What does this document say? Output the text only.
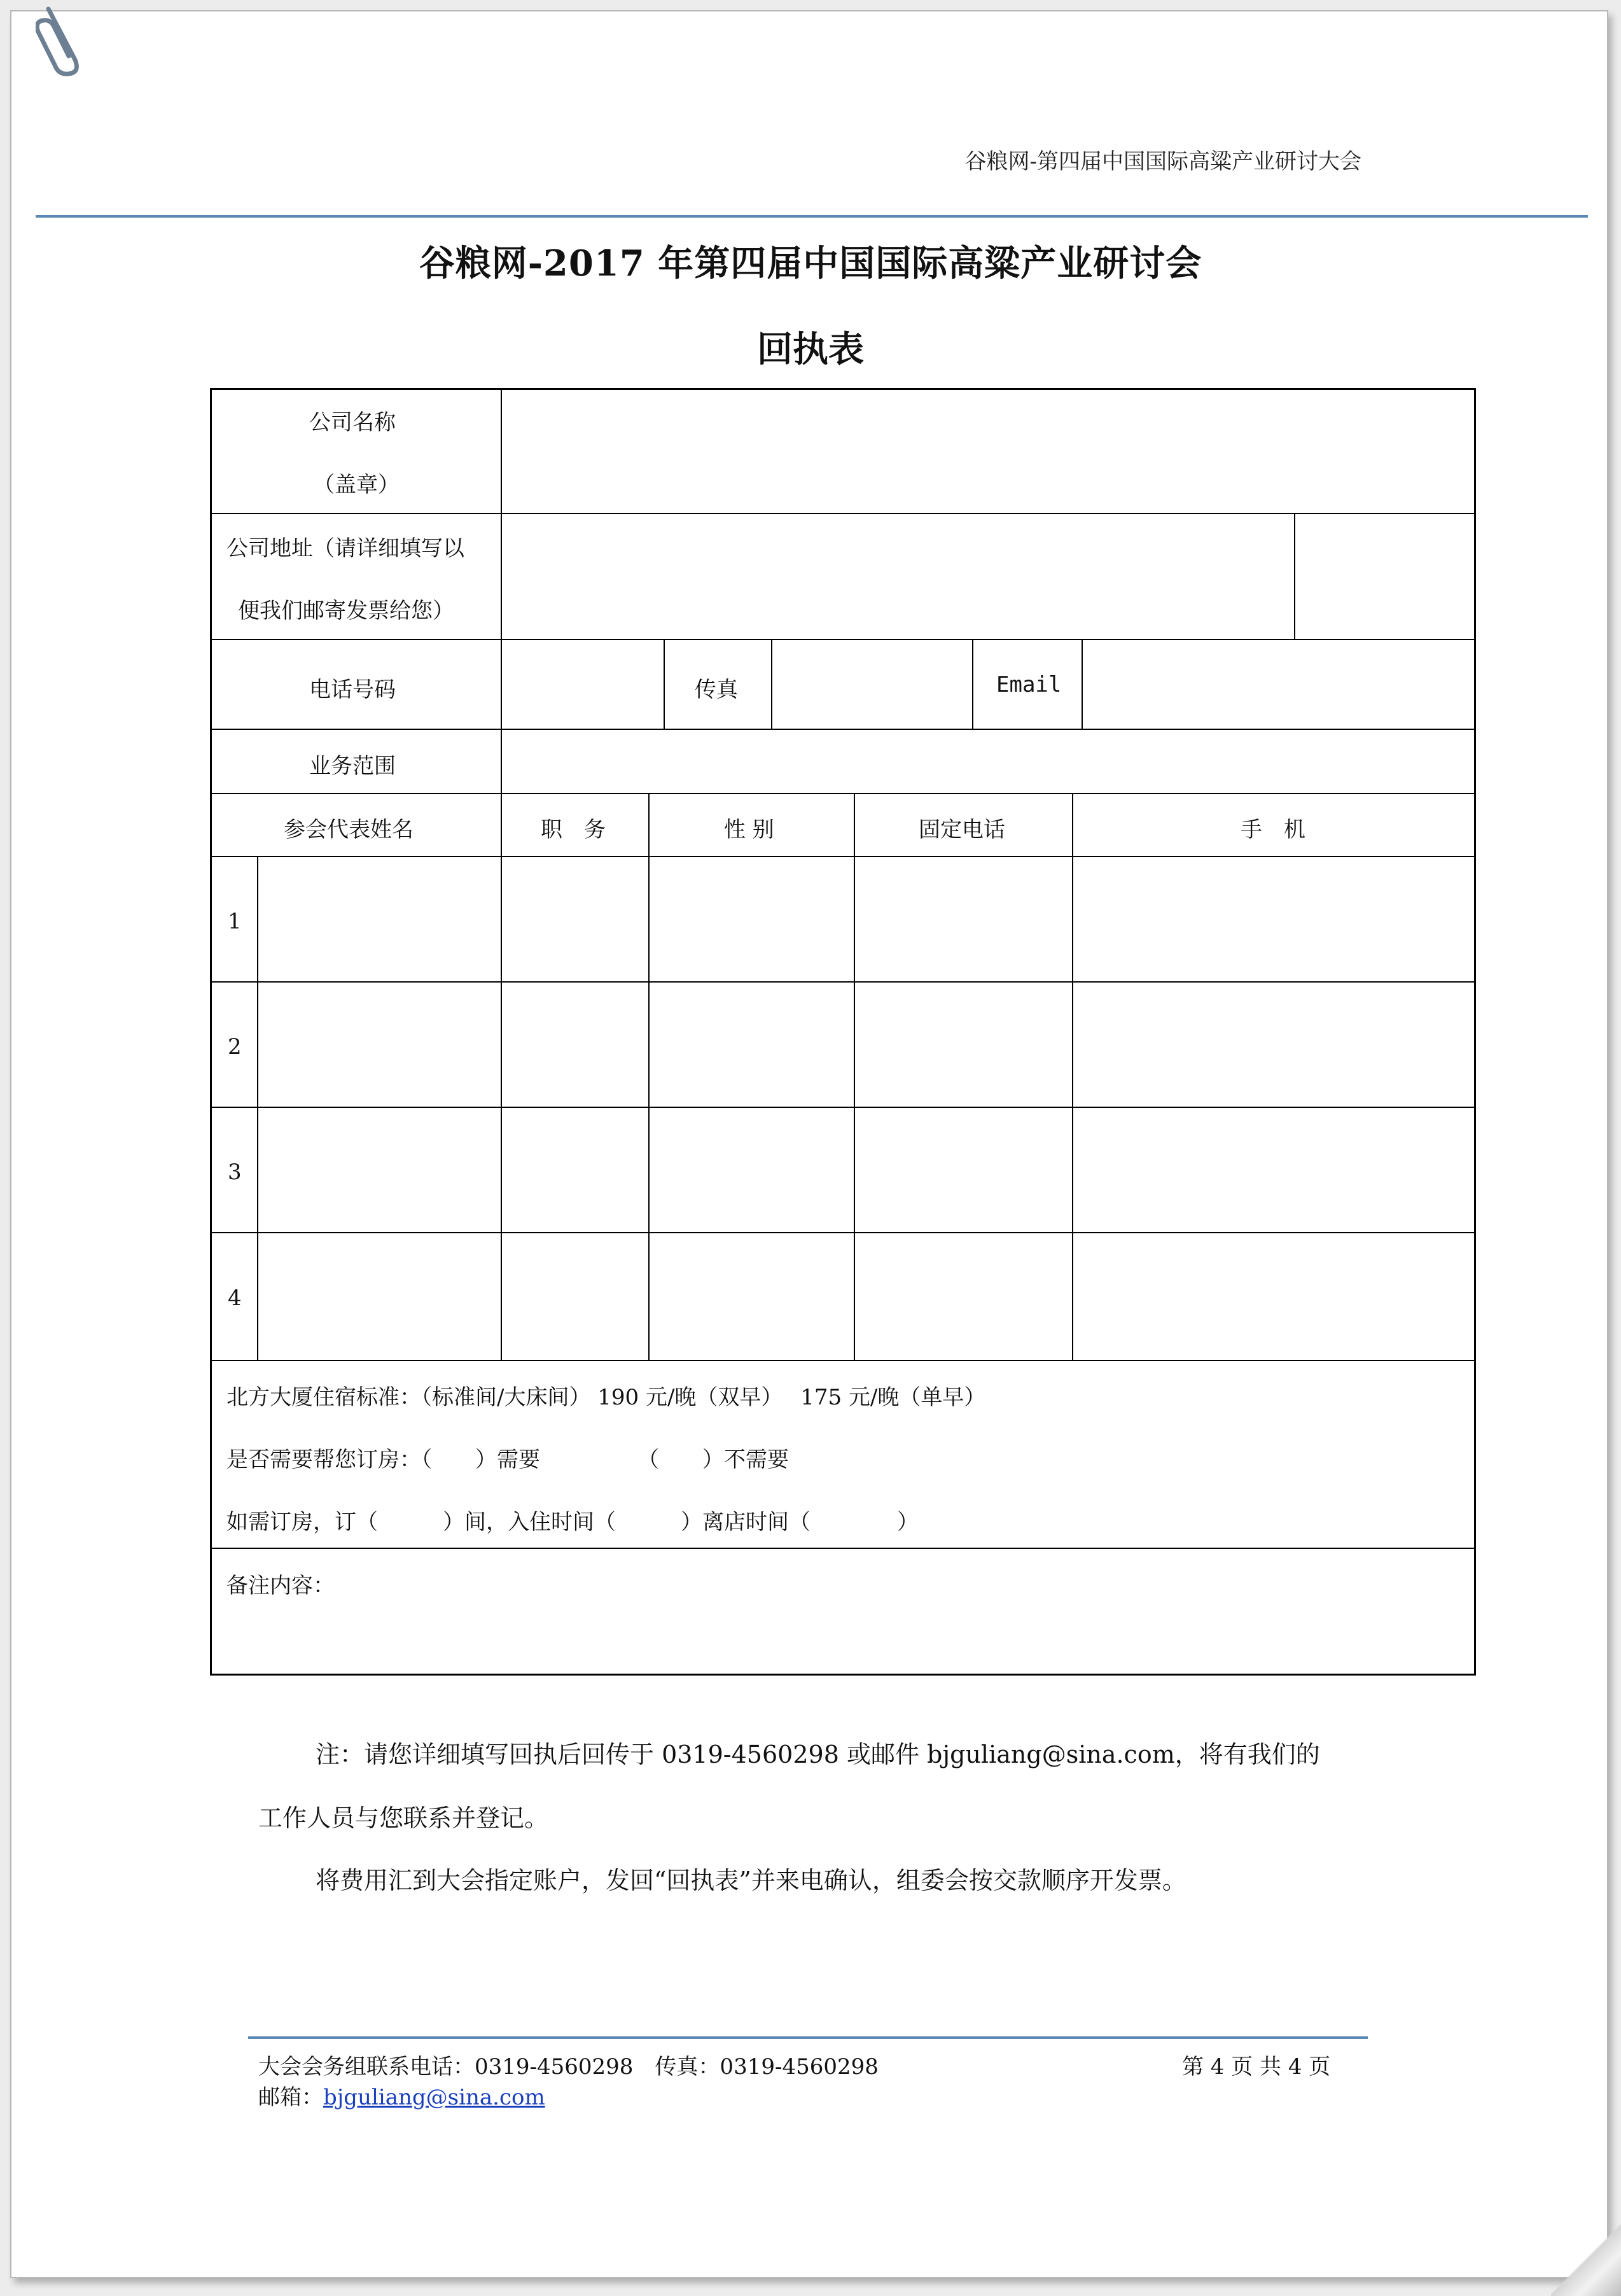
谷粮网-第四届中国国际高粱产业研讨大会
谷粮网-2017 年第四届中国国际高粱产业研讨会
回执表
公司名称
（盖章）
公司地址（请详细填写以
便我们邮寄发票给您）
电话号码	传真	Email
业务范围
参会代表姓名	职　务	性 别	固定电话	手　机
1
2
3
4
北方大厦住宿标准：（标准间/大床间） 190 元/晚（双早）　 175 元/晚（单早）
是否需要帮您订房：（　　）需要　　　　　（　　）不需要
如需订房，订（　　　）间，入住时间（　　　）离店时间（　　　　）
备注内容：
注：请您详细填写回执后回传于 0319-4560298 或邮件 bjguliang@sina.com，将有我们的
工作人员与您联系并登记。
将费用汇到大会指定账户，发回“回执表”并来电确认，组委会按交款顺序开发票。
大会会务组联系电话：0319-4560298　传真：0319-4560298	第 4 页 共 4 页
邮箱：bjguliang@sina.com
